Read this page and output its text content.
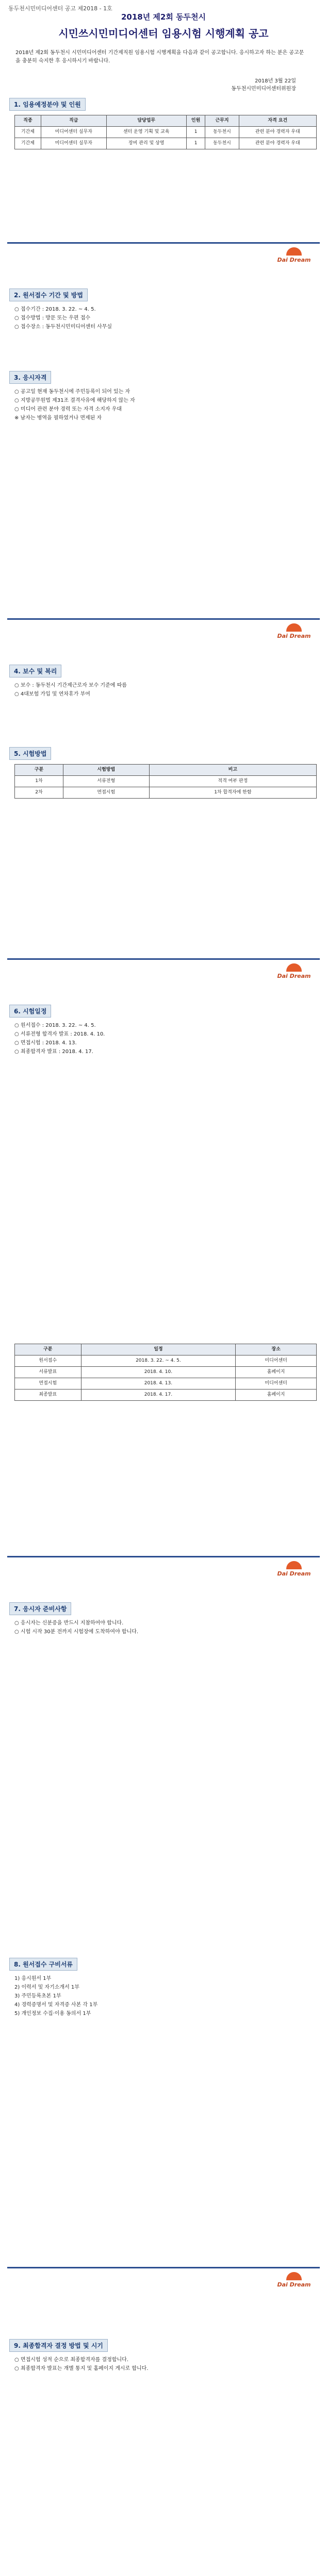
동두천시민미디어센터 공고 제2018 - 1호
2018년 제2회 동두천시
시민쓰시민미디어센터 임용시험 시행계획 공고
2018년 제2회 동두천시 시민미디어센터 기간제직원 임용시험 시행계획을 다음과 같이 공고합니다. 응시하고자 하는 분은 공고문을 충분히 숙지한 후 응시하시기 바랍니다.
2018년 3월 22일
동두천시민미디어센터위원장
1. 임용예정분야 및 인원
직종	직급	담당업무	인원	근무지	자격 요건
기간제	미디어센터 실무자	센터 운영 기획 및 교육	1	동두천시	관련 분야 경력자 우대
기간제	미디어센터 실무자	장비 관리 및 상영	1	동두천시	관련 분야 경력자 우대
Dai Dream
2. 원서접수 기간 및 방법
○ 접수기간 : 2018. 3. 22. ~ 4. 5.
○ 접수방법 : 방문 또는 우편 접수
○ 접수장소 : 동두천시민미디어센터 사무실
3. 응시자격
○ 공고일 현재 동두천시에 주민등록이 되어 있는 자
○ 지방공무원법 제31조 결격사유에 해당하지 않는 자
○ 미디어 관련 분야 경력 또는 자격 소지자 우대
※ 남자는 병역을 필하였거나 면제된 자
Dai Dream
4. 보수 및 복리
○ 보수 : 동두천시 기간제근로자 보수 기준에 따름
○ 4대보험 가입 및 연차휴가 부여
5. 시험방법
구분	시험방법	비고
1차	서류전형	적격 여부 판정
2차	면접시험	1차 합격자에 한함
Dai Dream
6. 시험일정
○ 원서접수 : 2018. 3. 22. ~ 4. 5.
○ 서류전형 합격자 발표 : 2018. 4. 10.
○ 면접시험 : 2018. 4. 13.
○ 최종합격자 발표 : 2018. 4. 17.
구분	일정	장소
원서접수	2018. 3. 22. ~ 4. 5.	미디어센터
서류발표	2018. 4. 10.	홈페이지
면접시험	2018. 4. 13.	미디어센터
최종발표	2018. 4. 17.	홈페이지
Dai Dream
7. 응시자 준비사항
○ 응시자는 신분증을 반드시 지참하여야 합니다.
○ 시험 시작 30분 전까지 시험장에 도착하여야 합니다.
8. 원서접수 구비서류
1) 응시원서 1부
2) 이력서 및 자기소개서 1부
3) 주민등록초본 1부
4) 경력증명서 및 자격증 사본 각 1부
5) 개인정보 수집·이용 동의서 1부
Dai Dream
9. 최종합격자 결정 방법 및 시기
○ 면접시험 성적 순으로 최종합격자를 결정합니다.
○ 최종합격자 발표는 개별 통지 및 홈페이지 게시로 합니다.
